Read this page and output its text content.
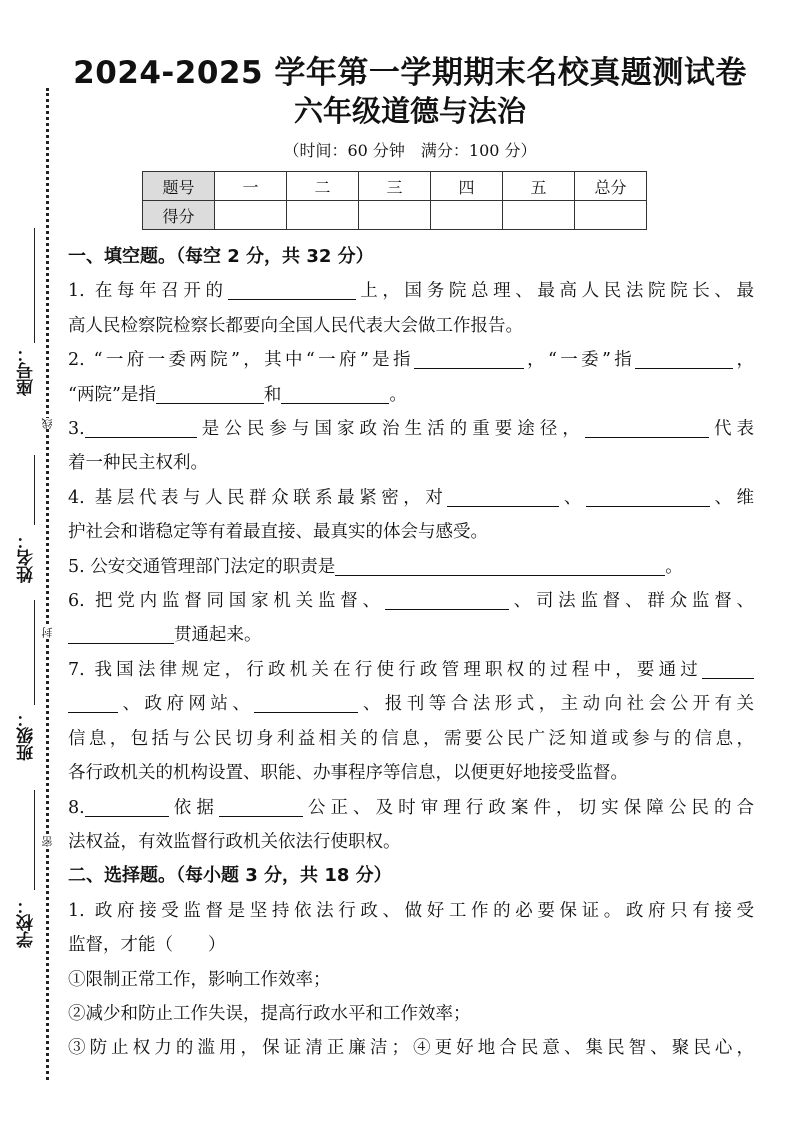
座号：
姓名：
班级：
学校：
线
封
密
2024-2025 学年第一学期期末名校真题测试卷
六年级道德与法治
（时间：60 分钟　满分：100 分）
题号	一	二	三	四	五	总分
得分						
一、填空题。（每空 2 分，共 32 分）
1. 在每年召开的	上，国务院总理、最高人民法院院长、最
高人民检察院检察长都要向全国人民代表大会做工作报告。
2. “一府一委两院”，其中“一府”是指	，“一委”指	，
“两院”是指	和	。
3.	是公民参与国家政治生活的重要途径，	代表
着一种民主权利。
4. 基层代表与人民群众联系最紧密，对	、	、维
护社会和谐稳定等有着最直接、最真实的体会与感受。
5. 公安交通管理部门法定的职责是	。
6. 把党内监督同国家机关监督、	、司法监督、群众监督、
贯通起来。
7. 我国法律规定，行政机关在行使行政管理职权的过程中，要通过
、政府网站、	、报刊等合法形式，主动向社会公开有关
信息，包括与公民切身利益相关的信息，需要公民广泛知道或参与的信息，
各行政机关的机构设置、职能、办事程序等信息，以便更好地接受监督。
8.	依据	公正、及时审理行政案件，切实保障公民的合
法权益，有效监督行政机关依法行使职权。
二、选择题。（每小题 3 分，共 18 分）
1. 政府接受监督是坚持依法行政、做好工作的必要保证。政府只有接受
监督，才能（　　）
①限制正常工作，影响工作效率；
②减少和防止工作失误，提高行政水平和工作效率；
③防止权力的滥用，保证清正廉洁；④更好地合民意、集民智、聚民心，
